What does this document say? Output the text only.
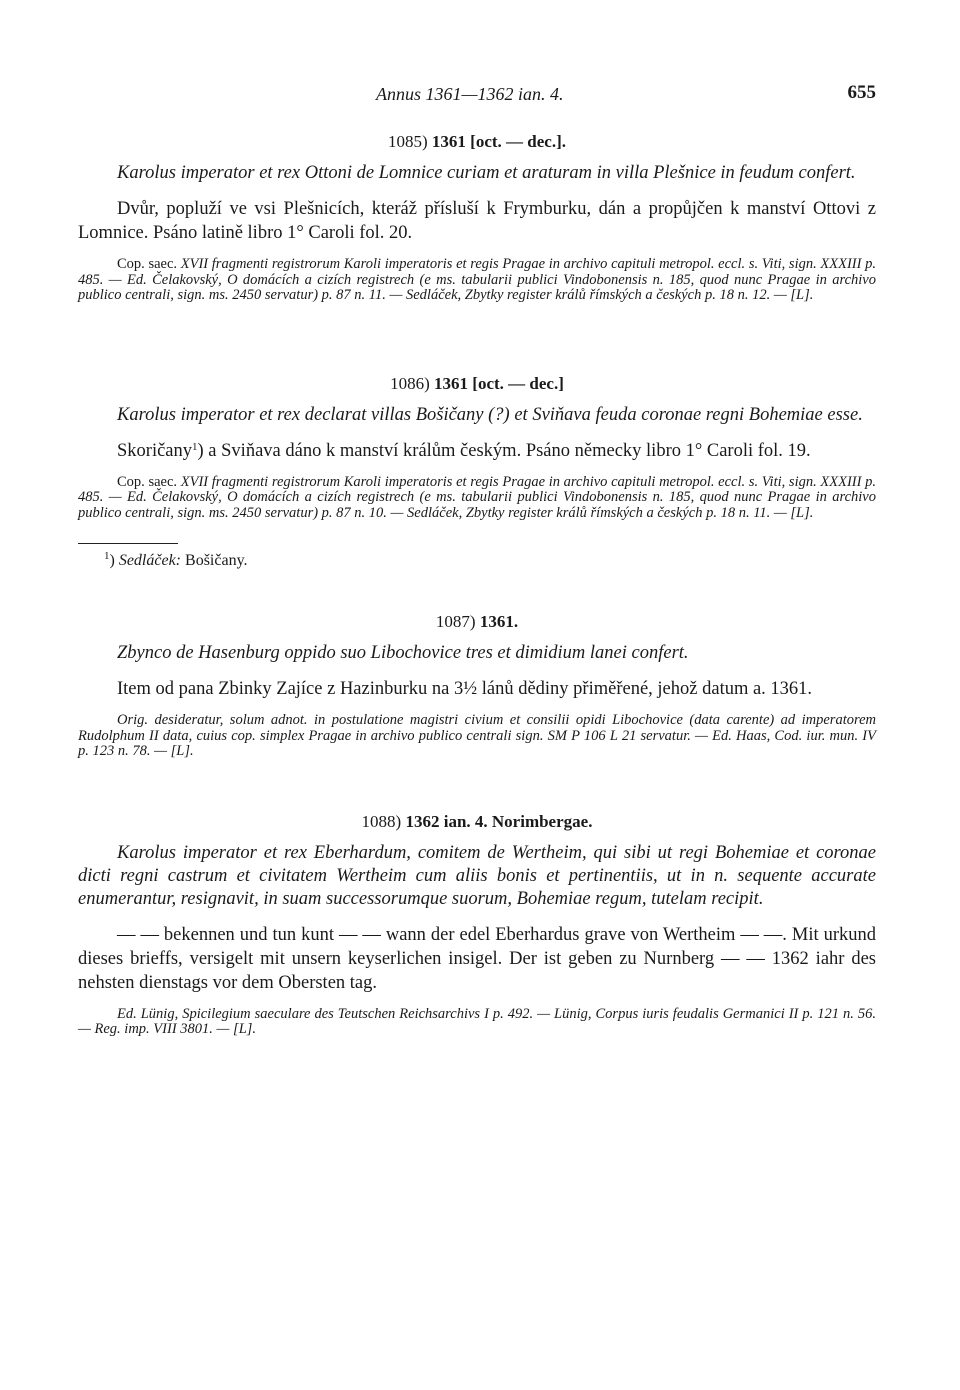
Annus 1361—1362 ian. 4.	655
1085) 1361 [oct. — dec.].

Karolus imperator et rex Ottoni de Lomnice curiam et araturam in villa Plešnice in feudum confert.

Dvůr, popluží ve vsi Plešnicích, kteráž přísluší k Frymburku, dán a propůjčen k manství Ottovi z Lomnice. Psáno latině libro 1° Caroli fol. 20.

Cop. saec. XVII fragmenti registrorum Karoli imperatoris et regis Pragae in archivo capituli metropol. eccl. s. Viti, sign. XXXIII p. 485. — Ed. Čelakovský, O domácích a cizích registrech (e ms. tabularii publici Vindobonensis n. 185, quod nunc Pragae in archivo publico centrali, sign. ms. 2450 servatur) p. 87 n. 11. — Sedláček, Zbytky register králů římských a českých p. 18 n. 12. — [L].

1086) 1361 [oct. — dec.]

Karolus imperator et rex declarat villas Bošičany (?) et Sviňava feuda coronae regni Bohemiae esse.

Skoričany$^1$) a Sviňava dáno k manství králům českým. Psáno německy libro 1° Caroli fol. 19.

Cop. saec. XVII fragmenti registrorum Karoli imperatoris et regis Pragae in archivo capituli metropol. eccl. s. Viti, sign. XXXIII p. 485. — Ed. Čelakovský, O domácích a cizích registrech (e ms. tabularii publici Vindobonensis n. 185, quod nunc Pragae in archivo publico centrali, sign. ms. 2450 servatur) p. 87 n. 10. — Sedláček, Zbytky register králů římských a českých p. 18 n. 11. — [L].

$^1$) Sedláček: Bošičany.

1087) 1361.

Zbynco de Hasenburg oppido suo Libochovice tres et dimidium lanei confert.

Item od pana Zbinky Zajíce z Hazinburku na 3½ lánů dědiny přiměřené, jehož datum a. 1361.

Orig. desideratur, solum adnot. in postulatione magistri civium et consilii opidi Libochovice (data carente) ad imperatorem Rudolphum II data, cuius cop. simplex Pragae in archivo publico centrali sign. SM P 106 L 21 servatur. — Ed. Haas, Cod. iur. mun. IV p. 123 n. 78. — [L].

1088) 1362 ian. 4. Norimbergae.

Karolus imperator et rex Eberhardum, comitem de Wertheim, qui sibi ut regi Bohemiae et coronae dicti regni castrum et civitatem Wertheim cum aliis bonis et pertinentiis, ut in n. sequente accurate enumerantur, resignavit, in suam successorumque suorum, Bohemiae regum, tutelam recipit.

— — bekennen und tun kunt — — wann der edel Eberhardus grave von Wertheim — —. Mit urkund dieses brieffs, versigelt mit unsern keyserlichen insigel. Der ist geben zu Nurnberg — — 1362 iahr des nehsten dienstags vor dem Obersten tag.

Ed. Lünig, Spicilegium saeculare des Teutschen Reichsarchivs I p. 492. — Lünig, Corpus iuris feudalis Germanici II p. 121 n. 56. — Reg. imp. VIII 3801. — [L].
